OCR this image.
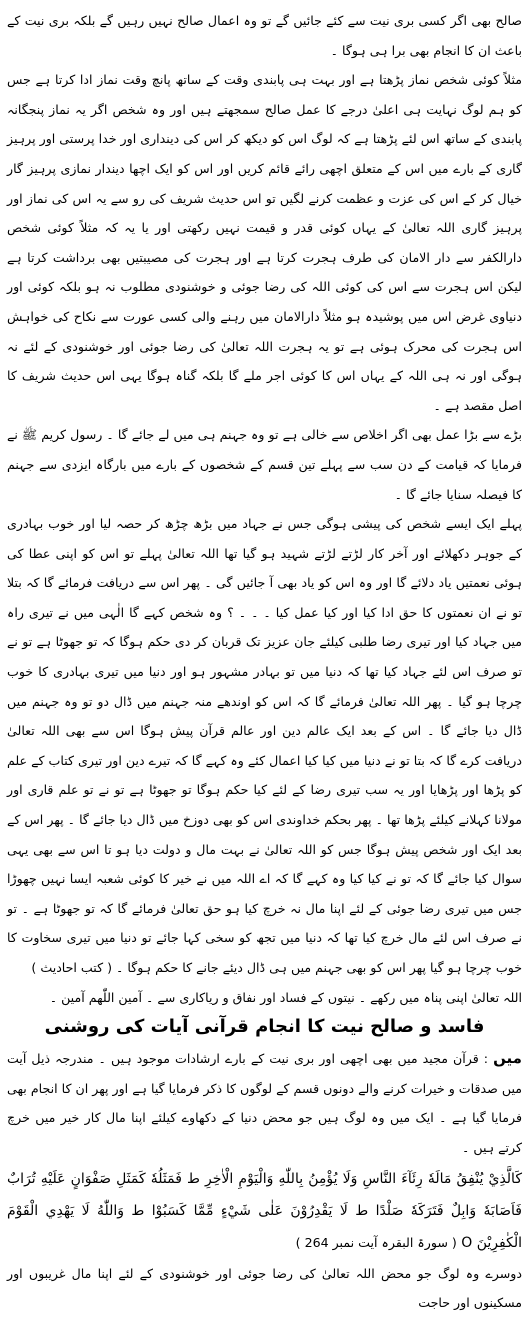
صالح بھی اگر کسی بری نیت سے کئے جائیں گے تو وہ اعمال صالح نہیں رہیں گے بلکہ بری نیت کے باعث ان کا انجام بھی برا ہی ہوگا ۔

مثلاً کوئی شخص نماز پڑھتا ہے اور بہت ہی پابندی وقت کے ساتھ پانچ وقت نماز ادا کرتا ہے جس کو ہم لوگ نہایت ہی اعلیٰ درجے کا عمل صالح سمجھتے ہیں اور وہ شخص اگر یہ نماز پنجگانہ پابندی کے ساتھ اس لئے پڑھتا ہے کہ لوگ اس کو دیکھ کر اس کی دینداری اور خدا پرستی اور پرہیز گاری کے بارے میں اس کے متعلق اچھی رائے قائم کریں اور اس کو ایک اچھا دیندار نمازی پرہیز گار خیال کر کے اس کی عزت و عظمت کرنے لگیں تو اس حدیث شریف کی رو سے یہ اس کی نماز اور پرہیز گاری اللہ تعالیٰ کے یہاں کوئی قدر و قیمت نہیں رکھتی اور یا یہ کہ مثلاً کوئی شخص دارالکفر سے دار الامان کی طرف ہجرت کرتا ہے اور ہجرت کی مصیبتیں بھی برداشت کرتا ہے لیکن اس ہجرت سے اس کی کوئی اللہ کی رضا جوئی و خوشنودی مطلوب نہ ہو بلکہ کوئی اور دنیاوی غرض اس میں پوشیدہ ہو مثلاً دارالامان میں رہنے والی کسی عورت سے نکاح کی خواہش اس ہجرت کی محرک ہوئی ہے تو یہ ہجرت اللہ تعالیٰ کی رضا جوئی اور خوشنودی کے لئے نہ ہوگی اور نہ ہی اللہ کے یہاں اس کا کوئی اجر ملے گا بلکہ گناہ ہوگا یہی اس حدیث شریف کا اصل مقصد ہے ۔

بڑے سے بڑا عمل بھی اگر اخلاص سے خالی ہے تو وہ جہنم ہی میں لے جائے گا ۔ رسول کریم ﷺ نے فرمایا کہ قیامت کے دن سب سے پہلے تین قسم کے شخصوں کے بارے میں بارگاہ ایزدی سے جہنم کا فیصلہ سنایا جائے گا ۔

پہلے ایک ایسے شخص کی پیشی ہوگی جس نے جہاد میں بڑھ چڑھ کر حصہ لیا اور خوب بہادری کے جوہر دکھلائے اور آخر کار لڑتے لڑتے شہید ہو گیا تھا اللہ تعالیٰ پہلے تو اس کو اپنی عطا کی ہوئی نعمتیں یاد دلائے گا اور وہ اس کو یاد بھی آ جائیں گی ۔ پھر اس سے دریافت فرمائے گا کہ بتلا تو نے ان نعمتوں کا حق ادا کیا اور کیا عمل کیا ۔ ۔ ۔ ؟ وہ شخص کہے گا الٰہی میں نے تیری راہ میں جہاد کیا اور تیری رضا طلبی کیلئے جان عزیز تک قربان کر دی حکم ہوگا کہ تو جھوٹا ہے تو نے تو صرف اس لئے جہاد کیا تھا کہ دنیا میں تو بہادر مشہور ہو اور دنیا میں تیری بہادری کا خوب چرچا ہو گیا ۔ پھر اللہ تعالیٰ فرمائے گا کہ اس کو اوندھے منہ جہنم میں ڈال دو تو وہ جہنم میں ڈال دیا جائے گا ۔ اس کے بعد ایک عالم دین اور عالم قرآن پیش ہوگا اس سے بھی اللہ تعالیٰ دریافت کرے گا کہ بتا تو نے دنیا میں کیا کیا اعمال کئے وہ کہے گا کہ تیرے دین اور تیری کتاب کے علم کو پڑھا اور پڑھایا اور یہ سب تیری رضا کے لئے کیا حکم ہوگا تو جھوٹا ہے تو نے تو علم قاری اور مولانا کہلانے کیلئے پڑھا تھا ۔ پھر بحکم خداوندی اس کو بھی دوزخ میں ڈال دیا جائے گا ۔ پھر اس کے بعد ایک اور شخص پیش ہوگا جس کو اللہ تعالیٰ نے بہت مال و دولت دیا ہو تا اس سے بھی یہی سوال کیا جائے گا کہ تو نے کیا کیا وہ کہے گا کہ اے اللہ میں نے خیر کا کوئی شعبہ ایسا نہیں چھوڑا جس میں تیری رضا جوئی کے لئے اپنا مال نہ خرچ کیا ہو حق تعالیٰ فرمائے گا کہ تو جھوٹا ہے ۔ تو نے صرف اس لئے مال خرچ کیا تھا کہ دنیا میں تجھ کو سخی کہا جائے تو دنیا میں تیری سخاوت کا خوب چرچا ہو گیا پھر اس کو بھی جہنم میں ہی ڈال دیئے جانے کا حکم ہوگا ۔ ( کتب احادیث )

اللہ تعالیٰ اپنی پناہ میں رکھے ۔ نیتوں کے فساد اور نفاق و ریاکاری سے ۔ آمین اللّٰھم آمین ۔

فاسد و صالح نیت کا انجام قرآنی آیات کی روشنی

میں : قرآن مجید میں بھی اچھی اور بری نیت کے بارے ارشادات موجود ہیں ۔ مندرجہ ذیل آیت میں صدقات و خیرات کرنے والے دونوں قسم کے لوگوں کا ذکر فرمایا گیا ہے اور پھر ان کا انجام بھی فرمایا گیا ہے ۔ ایک میں وہ لوگ ہیں جو محض دنیا کے دکھاوے کیلئے اپنا مال کار خیر میں خرچ کرتے ہیں ۔

كَالَّذِيْ يُنْفِقُ مَالَهٗ رِئَآءَ النَّاسِ وَلَا يُؤْمِنُ بِاللّٰهِ وَالْيَوْمِ الْاٰخِرِ ط فَمَثَلُهٗ كَمَثَلِ صَفْوَانٍ عَلَيْهِ تُرَابٌ فَاَصَابَهٗ وَابِلٌ فَتَرَكَهٗ صَلْدًا ط لَا يَقْدِرُوْنَ عَلٰى شَيْءٍ مِّمَّا كَسَبُوْا ط وَاللّٰهُ لَا يَهْدِي الْقَوْمَ الْكٰفِرِيْنَ O ( سورۃ البقرہ آیت نمبر 264 )

دوسرے وہ لوگ جو محض اللہ تعالیٰ کی رضا جوئی اور خوشنودی کے لئے اپنا مال غریبوں اور مسکینوں اور حاجت
